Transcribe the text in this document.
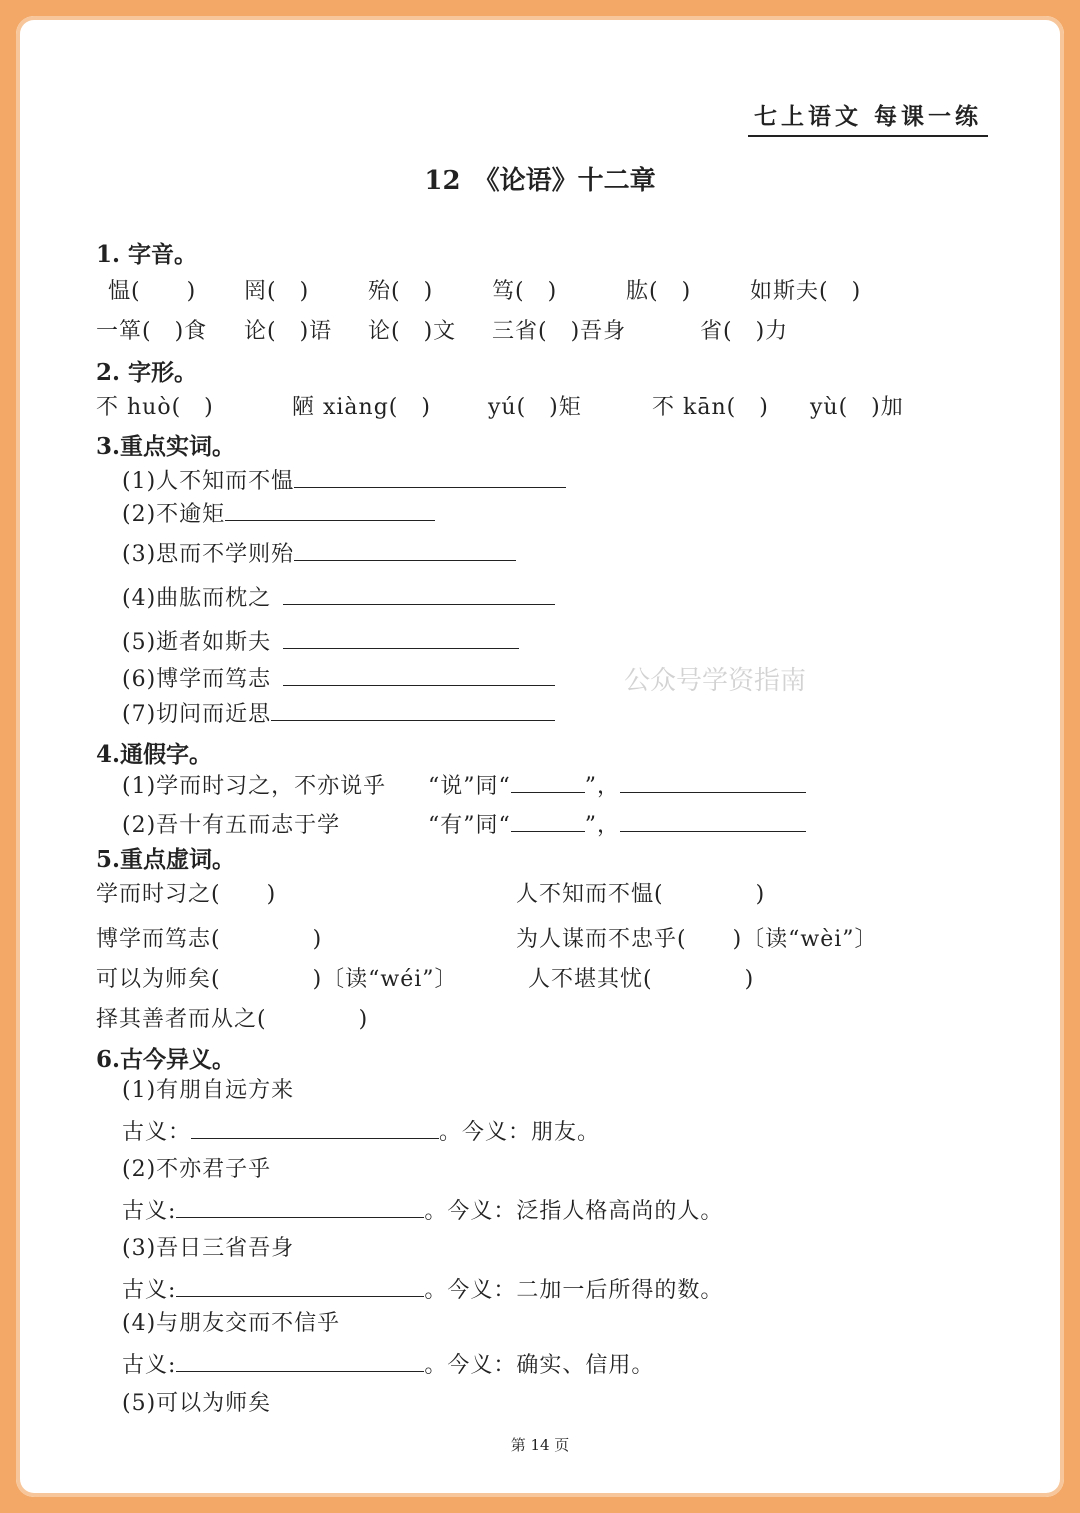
七上语文 每课一练
12　《论语》十二章
1. 字音。
愠(　　) 罔(　)	殆(　)	笃(　)	肱(　)	如斯夫(　)
一箪(　)食 论(　)语 论(　)文 三省(　)吾身	省(　)力
2. 字形。
不 huò(　)	陋 xiàng(　)	yú(　)矩	不 kān(　) yù(　)加
3.重点实词。
(1)人不知而不愠
(2)不逾矩
(3)思而不学则殆
(4)曲肱而枕之
(5)逝者如斯夫
(6)博学而笃志
(7)切问而近思
公众号学资指南
4.通假字。
(1)学而时习之，不亦说乎 “说”同“	”，
(2)吾十有五而志于学	“有”同“	”，
5.重点虚词。
学而时习之(　　)	人不知而不愠(　　　　)
博学而笃志(　　　　)	为人谋而不忠乎(　　)〔读“wèi”〕
可以为师矣(　　　　)〔读“wéi”〕	人不堪其忧(　　　　)
择其善者而从之(　　　　)
6.古今异义。
(1)有朋自远方来
古义：	。今义：朋友。
(2)不亦君子乎
古义:	。今义：泛指人格高尚的人。
(3)吾日三省吾身
古义:	。今义：二加一后所得的数。
(4)与朋友交而不信乎
古义:	。今义：确实、信用。
(5)可以为师矣
第 14 页
